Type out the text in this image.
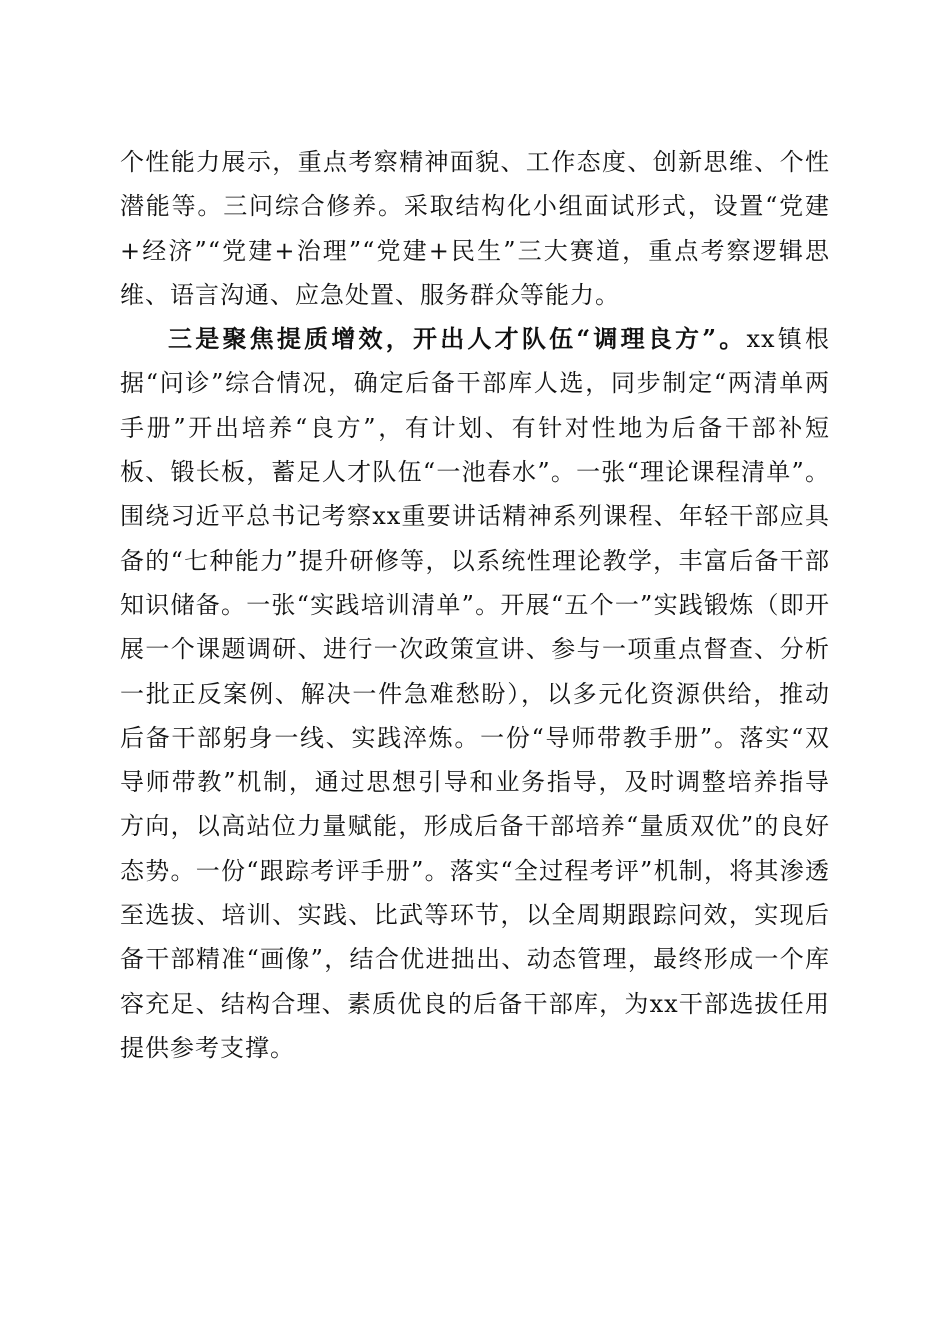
个性能力展示，重点考察精神面貌、工作态度、创新思维、个性潜能等。三问综合修养。采取结构化小组面试形式，设置“党建+经济”“党建+治理”“党建+民生”三大赛道，重点考察逻辑思维、语言沟通、应急处置、服务群众等能力。

三是聚焦提质增效，开出人才队伍“调理良方”。xx镇根据“问诊”综合情况，确定后备干部库人选，同步制定“两清单两手册”开出培养“良方”，有计划、有针对性地为后备干部补短板、锻长板，蓄足人才队伍“一池春水”。一张“理论课程清单”。围绕习近平总书记考察xx重要讲话精神系列课程、年轻干部应具备的“七种能力”提升研修等，以系统性理论教学，丰富后备干部知识储备。一张“实践培训清单”。开展“五个一”实践锻炼（即开展一个课题调研、进行一次政策宣讲、参与一项重点督查、分析一批正反案例、解决一件急难愁盼），以多元化资源供给，推动后备干部躬身一线、实践淬炼。一份“导师带教手册”。落实“双导师带教”机制，通过思想引导和业务指导，及时调整培养指导方向，以高站位力量赋能，形成后备干部培养“量质双优”的良好态势。一份“跟踪考评手册”。落实“全过程考评”机制，将其渗透至选拔、培训、实践、比武等环节，以全周期跟踪问效，实现后备干部精准“画像”，结合优进拙出、动态管理，最终形成一个库容充足、结构合理、素质优良的后备干部库，为xx干部选拔任用提供参考支撑。
